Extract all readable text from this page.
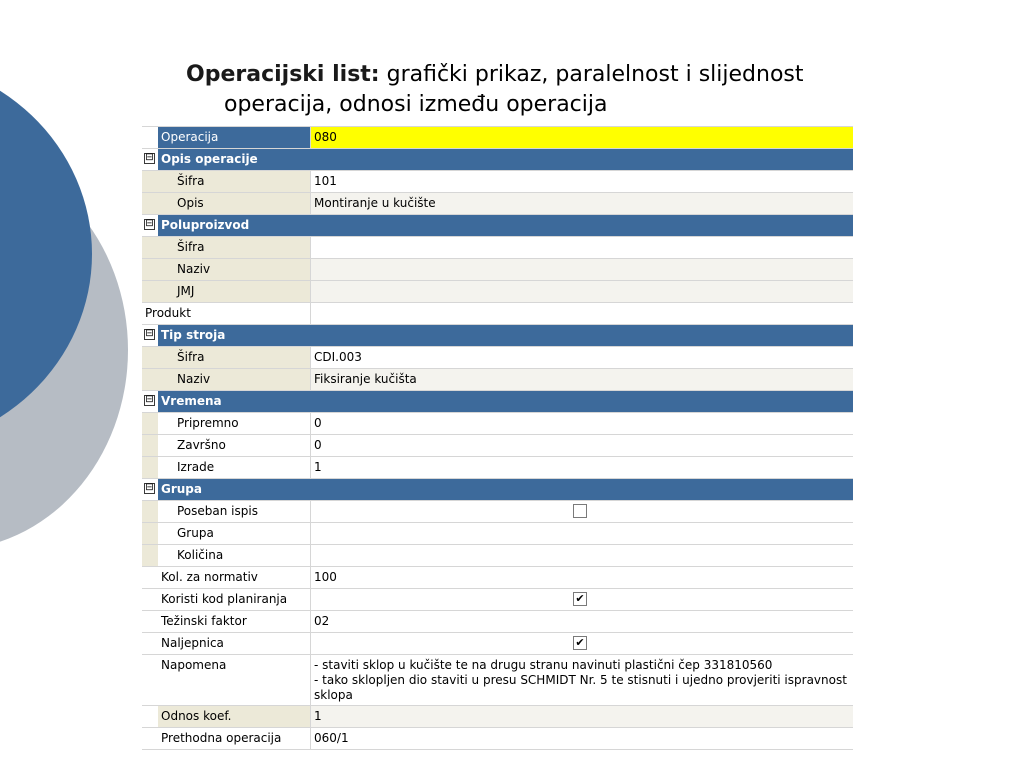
Operacijski list: grafički prikaz, paralelnost i slijednost
operacija, odnosi između operacija
Operacija	080
⊟ Opis operacije
Šifra	101
Opis	Montiranje u kučište
⊟ Poluproizvod
Šifra
Naziv
JMJ
Produkt
⊟ Tip stroja
Šifra	CDI.003
Naziv	Fiksiranje kučišta
⊟ Vremena
Pripremno	0
Završno	0
Izrade	1
⊟ Grupa
Poseban ispis
Grupa
Količina
Kol. za normativ	100
Koristi kod planiranja	✔
Težinski faktor	02
Naljepnica	✔
Napomena	- staviti sklop u kučište te na drugu stranu navinuti plastični čep 331810560
- tako sklopljen dio staviti u presu SCHMIDT Nr. 5 te stisnuti i ujedno provjeriti ispravnost sklopa
Odnos koef.	1
Prethodna operacija	060/1
